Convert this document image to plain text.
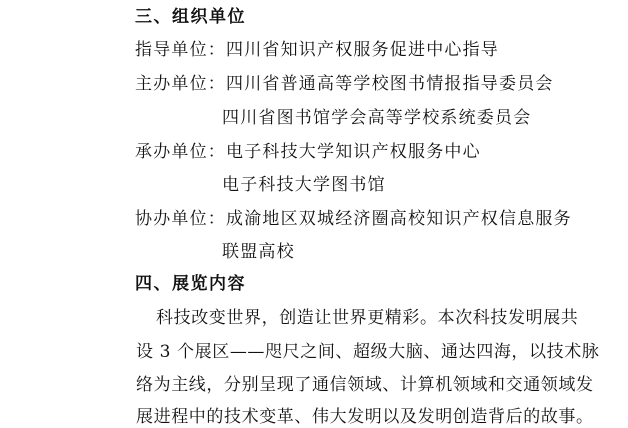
三、组织单位
指导单位：四川省知识产权服务促进中心指导
主办单位：四川省普通高等学校图书情报指导委员会
四川省图书馆学会高等学校系统委员会
承办单位：电子科技大学知识产权服务中心
电子科技大学图书馆
协办单位：成渝地区双城经济圈高校知识产权信息服务
联盟高校
四、展览内容
科技改变世界，创造让世界更精彩。本次科技发明展共
设 3 个展区——咫尺之间、超级大脑、通达四海，以技术脉
络为主线，分别呈现了通信领域、计算机领域和交通领域发
展进程中的技术变革、伟大发明以及发明创造背后的故事。
